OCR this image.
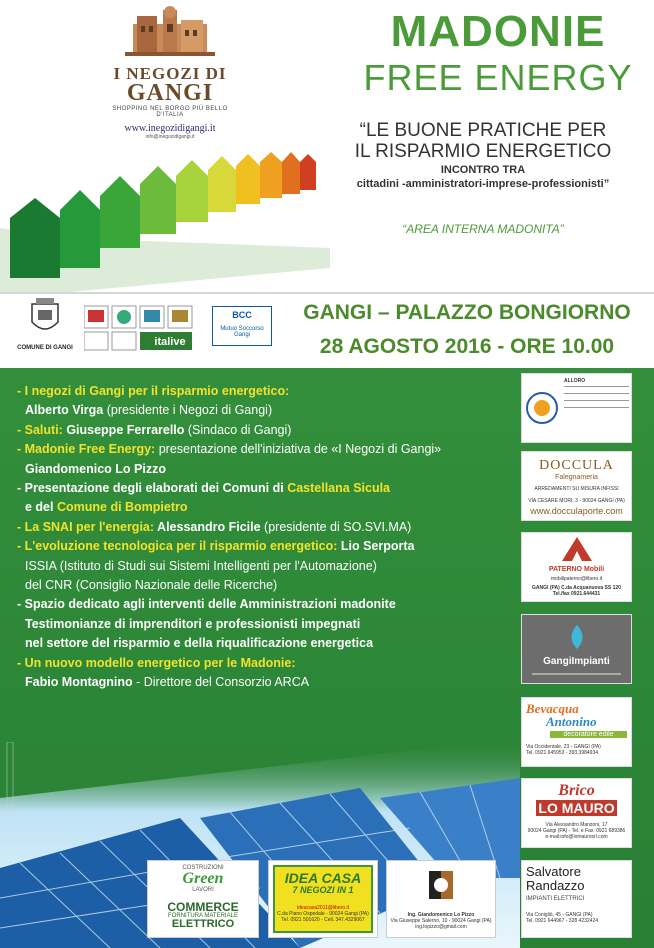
I NEGOZI DI
GANGI
SHOPPING NEL BORGO PIÙ BELLO D'ITALIA
www.inegozidigangi.it
info@inegozidigangi.it
MADONIE
FREE ENERGY
“LE BUONE PRATICHE PER
IL RISPARMIO ENERGETICO
INCONTRO TRA
cittadini -amministratori-imprese-professionisti”
“AREA INTERNA MADONITA”
COMUNE DI GANGI	italive
BCC
Mutuo Soccorso
Gangi
GANGI – PALAZZO BONGIORNO
28 AGOSTO 2016 - ORE 10.00
- I negozi di Gangi per il risparmio energetico:
Alberto Virga (presidente i Negozi di Gangi)
- Saluti: Giuseppe Ferrarello (Sindaco di Gangi)
- Madonie Free Energy: presentazione dell'iniziativa de «I Negozi di Gangi»
Giandomenico Lo Pizzo
- Presentazione degli elaborati dei Comuni di Castellana Sicula
e del Comune di Bompietro
- La SNAI per l'energia: Alessandro Ficile (presidente di SO.SVI.MA)
- L'evoluzione tecnologica per il risparmio energetico: Lio Serporta
ISSIA (Istituto di Studi sui Sistemi Intelligenti per l'Automazione)
del CNR (Consiglio Nazionale delle Ricerche)
- Spazio dedicato agli interventi delle Amministrazioni madonite
Testimonianze di imprenditori e professionisti impegnati
nel settore del risparmio e della riqualificazione energetica
- Un nuovo modello energetico per le Madonie:
Fabio Montagnino - Direttore del Consorzio ARCA
ALLORO
DOCCULA
Falegnameria
ARREDAMENTI SU MISURA INFISSI
VIA CESARE MORI, 3 - 90024 GANGI (PA)
www.docculaporte.com
PATERNO Mobili
mobilipaterno@libero.it
GANGI (PA) C.da Acquanuova SS 120
Tel./fax 0921.644431
GangiImpianti
Bevacqua
Antonino
decoratore edile
Via Occidentale, 23 - GANGI (PA)
Tel. 0921.645953 - 393.3984934
Brico
LO MAURO
Via Alessandro Manzoni, 17
90024 Gangi (PA) - Tel. e Fax: 0921 689386
e-mail:info@lomaurosrl.com
Salvatore
Randazzo
IMPIANTI ELETTRICI
Via Conigliò, 45 - GANGI (PA)
Tel. 0921 644967 - 328 4232424
COSTRUZIONI
Green
LAVORI
COMMERCE
FORNITURA MATERIALE
ELETTRICO
IDEA CASA
7 NEGOZI IN 1
ideacasa2011@libero.it
C.da Piano Ospedale - 90024 Gangi (PA)
Tel. 0921 501620 - Cell. 347.4329067
Ing. Giandomenico Lo Pizzo
Via Giuseppe Salerno, 10 - 90024 Gangi (PA)
ing.lopizzo@gmail.com
